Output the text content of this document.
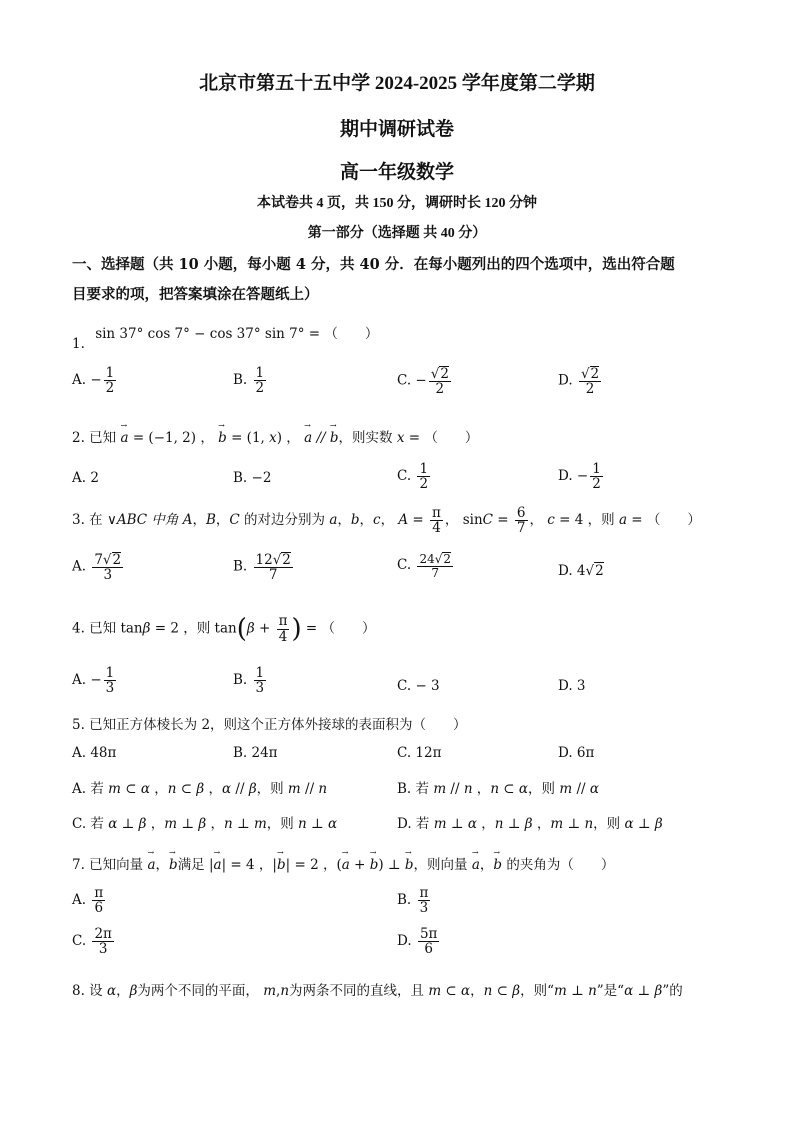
北京市第五十五中学 2024-2025 学年度第二学期
期中调研试卷
高一年级数学
本试卷共 4 页，共 150 分，调研时长 120 分钟
第一部分（选择题 共 40 分）
一、选择题（共 10 小题，每小题 4 分，共 40 分．在每小题列出的四个选项中，选出符合题
目要求的项，把答案填涂在答题纸上）
1. sin 37° cos 7° − cos 37° sin 7° = （　　）
A. − $\frac{1}{2}$	B. $\frac{1}{2}$	C. − $\frac{√2}{2}$	D. $\frac{√2}{2}$
2. 已知 → a = (−1, 2) ， → b = (1, x) ， → a // → b，则实数 x = （　　）
A. 2	B. −2	C. $\frac{1}{2}$	D. − $\frac{1}{2}$
3. 在 ∨ABC 中角 A，B，C 的对边分别为 a，b，c， $A = \frac{\pi}{4}$ ， $\sin C = \frac{6}{7}$ ， c = 4 ，则 a = （　　）
A. $\frac{7√2}{3}$	B. $\frac{12√2}{7}$	C. $\frac{24√2}{7}$	D. 4√2
4. 已知 tanβ = 2 ，则 $\tan(\beta + \frac{\pi}{4}$ ) = （　　）
A. − $\frac{1}{3}$	B. $\frac{1}{3}$	C. − 3	D. 3
5. 已知正方体棱长为 2，则这个正方体外接球的表面积为（　　）
A. 48π	B. 24π	C. 12π	D. 6π
A. 若 m ⊂ α ，n ⊂ β ，α // β，则 m // n	B. 若 m // n ，n ⊂ α，则 m // α
C. 若 α ⊥ β ，m ⊥ β ，n ⊥ m，则 n ⊥ α	D. 若 m ⊥ α ，n ⊥ β ，m ⊥ n，则 α ⊥ β
7. 已知向量 → a，→ b满足 |→ a| = 4 ，|→ b| = 2 ，(→ a + → b) ⊥ → b，则向量 → a，→ b 的夹角为（　　）
A. $\frac{\pi}{6}$	B. $\frac{\pi}{3}$
C. $\frac{2\pi}{3}$	D. $\frac{5\pi}{6}$
8. 设 α，β为两个不同的平面， m,n为两条不同的直线，且 m ⊂ α，n ⊂ β，则“m ⊥ n”是“α ⊥ β”的
